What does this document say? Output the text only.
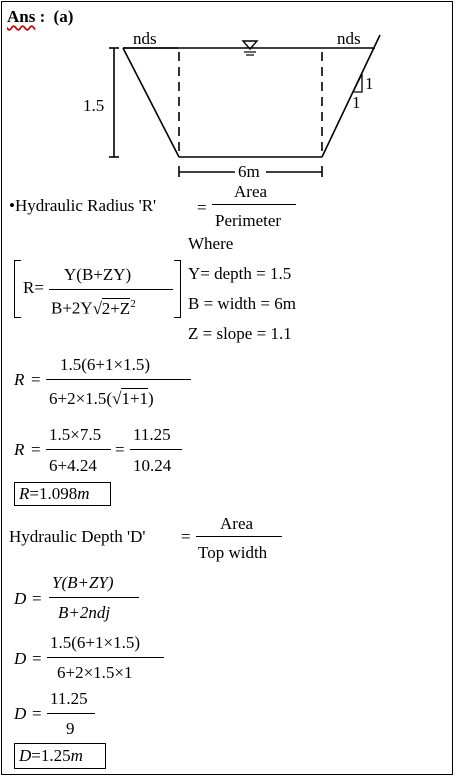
Ans : (a)
nds	nds
1.5
6m
1
1
•Hydraulic Radius 'R' =
Area
Perimeter
Where
R=
Y(B+ZY)
$B+2Y√2+Z^2$
Y= depth = 1.5
B = width = 6m
Z = slope = 1.1
R =
1.5(6+1×1.5)
6+2×1.5(√1+1)
R =
1.5×7.5
6+4.24
=
11.25
10.24
R=1.098m
Hydraulic Depth 'D' =
Area
Top width
D =
Y(B+ZY)
B+2ndj
D =
1.5(6+1×1.5)
6+2×1.5×1
D =
11.25
9
D=1.25m
